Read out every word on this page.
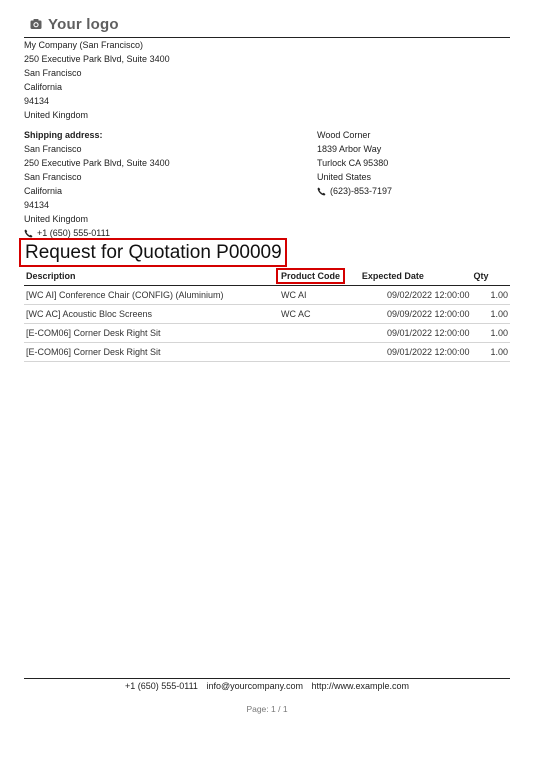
Your logo
My Company (San Francisco)
250 Executive Park Blvd, Suite 3400
San Francisco
California
94134
United Kingdom
Shipping address:
San Francisco
250 Executive Park Blvd, Suite 3400
San Francisco
California
94134
United Kingdom
+1 (650) 555-0111
Wood Corner
1839 Arbor Way
Turlock CA 95380
United States
(623)-853-7197
Request for Quotation P00009
Description	Product Code	Expected Date	Qty
[WC AI] Conference Chair (CONFIG) (Aluminium)	WC AI	09/02/2022 12:00:00	1.00
[WC AC] Acoustic Bloc Screens	WC AC	09/09/2022 12:00:00	1.00
[E-COM06] Corner Desk Right Sit		09/01/2022 12:00:00	1.00
[E-COM06] Corner Desk Right Sit		09/01/2022 12:00:00	1.00
+1 (650) 555-0111 info@yourcompany.com http://www.example.com
Page: 1 / 1
